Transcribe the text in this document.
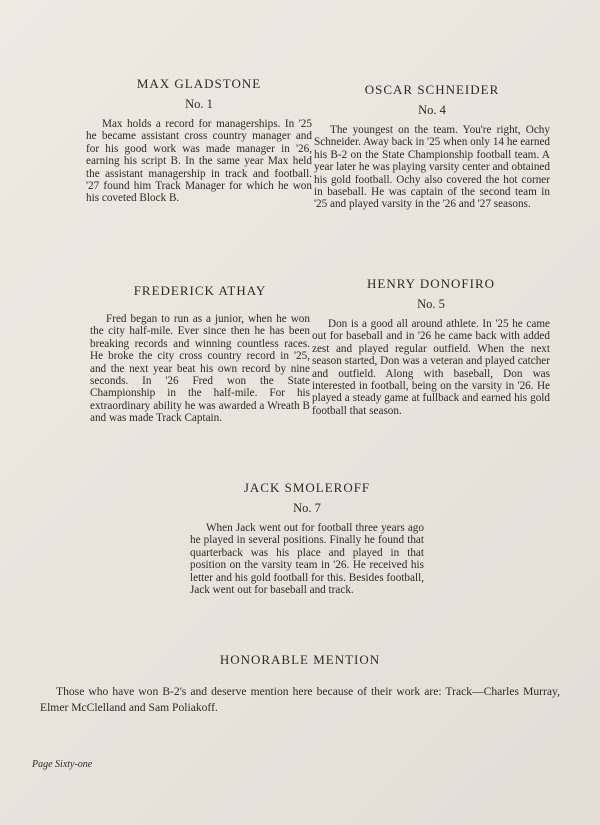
MAX GLADSTONE

No. 1

Max holds a record for managerships. In '25 he became assistant cross country manager and for his good work was made manager in '26, earning his script B. In the same year Max held the assistant managership in track and football. '27 found him Track Manager for which he won his coveted Block B.

OSCAR SCHNEIDER

No. 4

The youngest on the team. You're right, Ochy Schneider. Away back in '25 when only 14 he earned his B-2 on the State Championship football team. A year later he was playing varsity center and obtained his gold football. Ochy also covered the hot corner in baseball. He was captain of the second team in '25 and played varsity in the '26 and '27 seasons.

FREDERICK ATHAY

Fred began to run as a junior, when he won the city half-mile. Ever since then he has been breaking records and winning countless races. He broke the city cross country record in '25, and the next year beat his own record by nine seconds. In '26 Fred won the State Championship in the half-mile. For his extraordinary ability he was awarded a Wreath B and was made Track Captain.

HENRY DONOFIRO

No. 5

Don is a good all around athlete. In '25 he came out for baseball and in '26 he came back with added zest and played regular outfield. When the next season started, Don was a veteran and played catcher and outfield. Along with baseball, Don was interested in football, being on the varsity in '26. He played a steady game at fullback and earned his gold football that season.

JACK SMOLEROFF

No. 7

When Jack went out for football three years ago he played in several positions. Finally he found that quarterback was his place and played in that position on the varsity team in '26. He received his letter and his gold football for this. Besides football, Jack went out for baseball and track.

HONORABLE MENTION

Those who have won B-2's and deserve mention here because of their work are: Track—Charles Murray, Elmer McClelland and Sam Poliakoff.

Page Sixty-one
